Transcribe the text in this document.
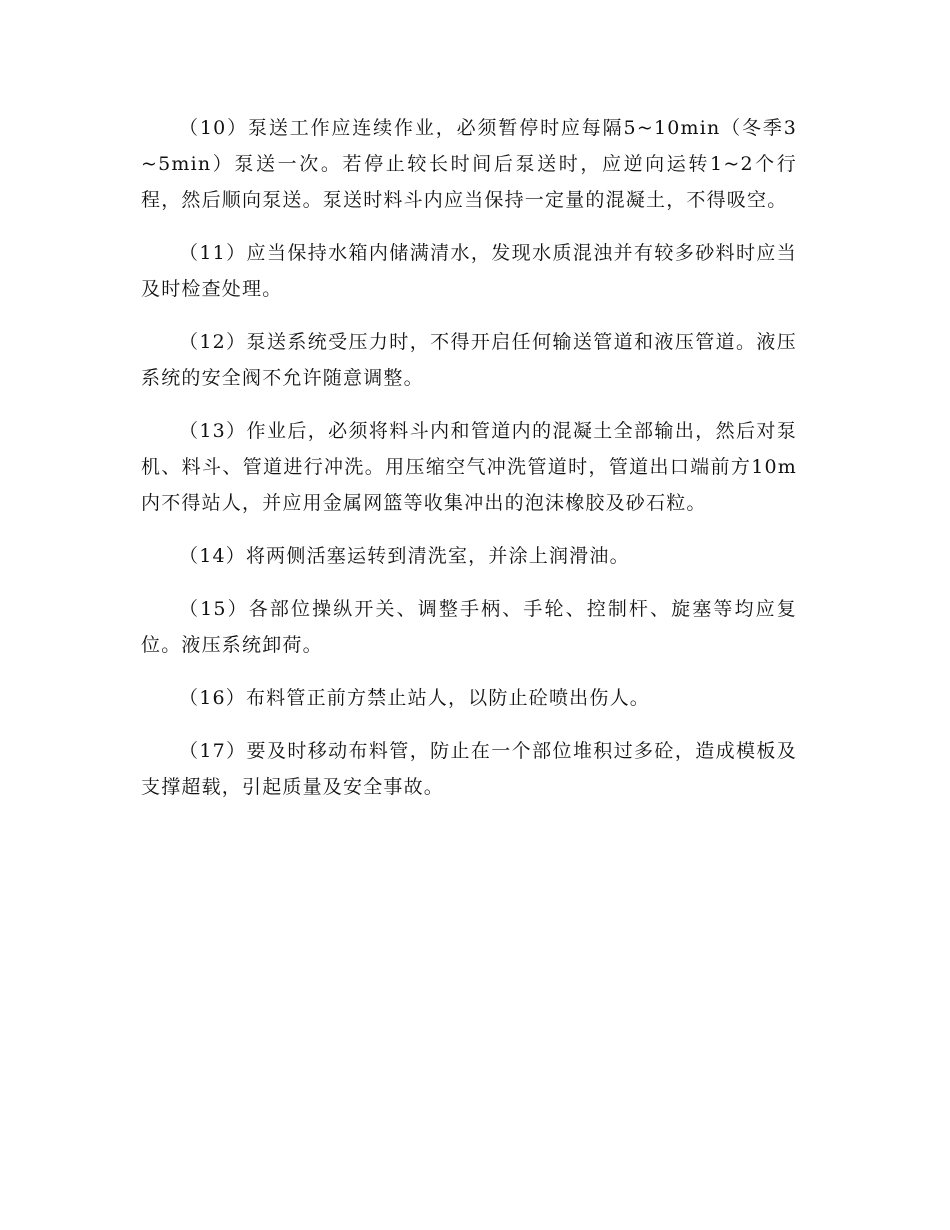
（10）泵送工作应连续作业，必须暂停时应每隔5~10min（冬季3~5min）泵送一次。若停止较长时间后泵送时，应逆向运转1~2个行程，然后顺向泵送。泵送时料斗内应当保持一定量的混凝土，不得吸空。

（11）应当保持水箱内储满清水，发现水质混浊并有较多砂料时应当及时检查处理。

（12）泵送系统受压力时，不得开启任何输送管道和液压管道。液压系统的安全阀不允许随意调整。

（13）作业后，必须将料斗内和管道内的混凝土全部输出，然后对泵机、料斗、管道进行冲洗。用压缩空气冲洗管道时，管道出口端前方10m内不得站人，并应用金属网篮等收集冲出的泡沫橡胶及砂石粒。

（14）将两侧活塞运转到清洗室，并涂上润滑油。

（15）各部位操纵开关、调整手柄、手轮、控制杆、旋塞等均应复位。液压系统卸荷。

（16）布料管正前方禁止站人，以防止砼喷出伤人。

（17）要及时移动布料管，防止在一个部位堆积过多砼，造成模板及支撑超载，引起质量及安全事故。
